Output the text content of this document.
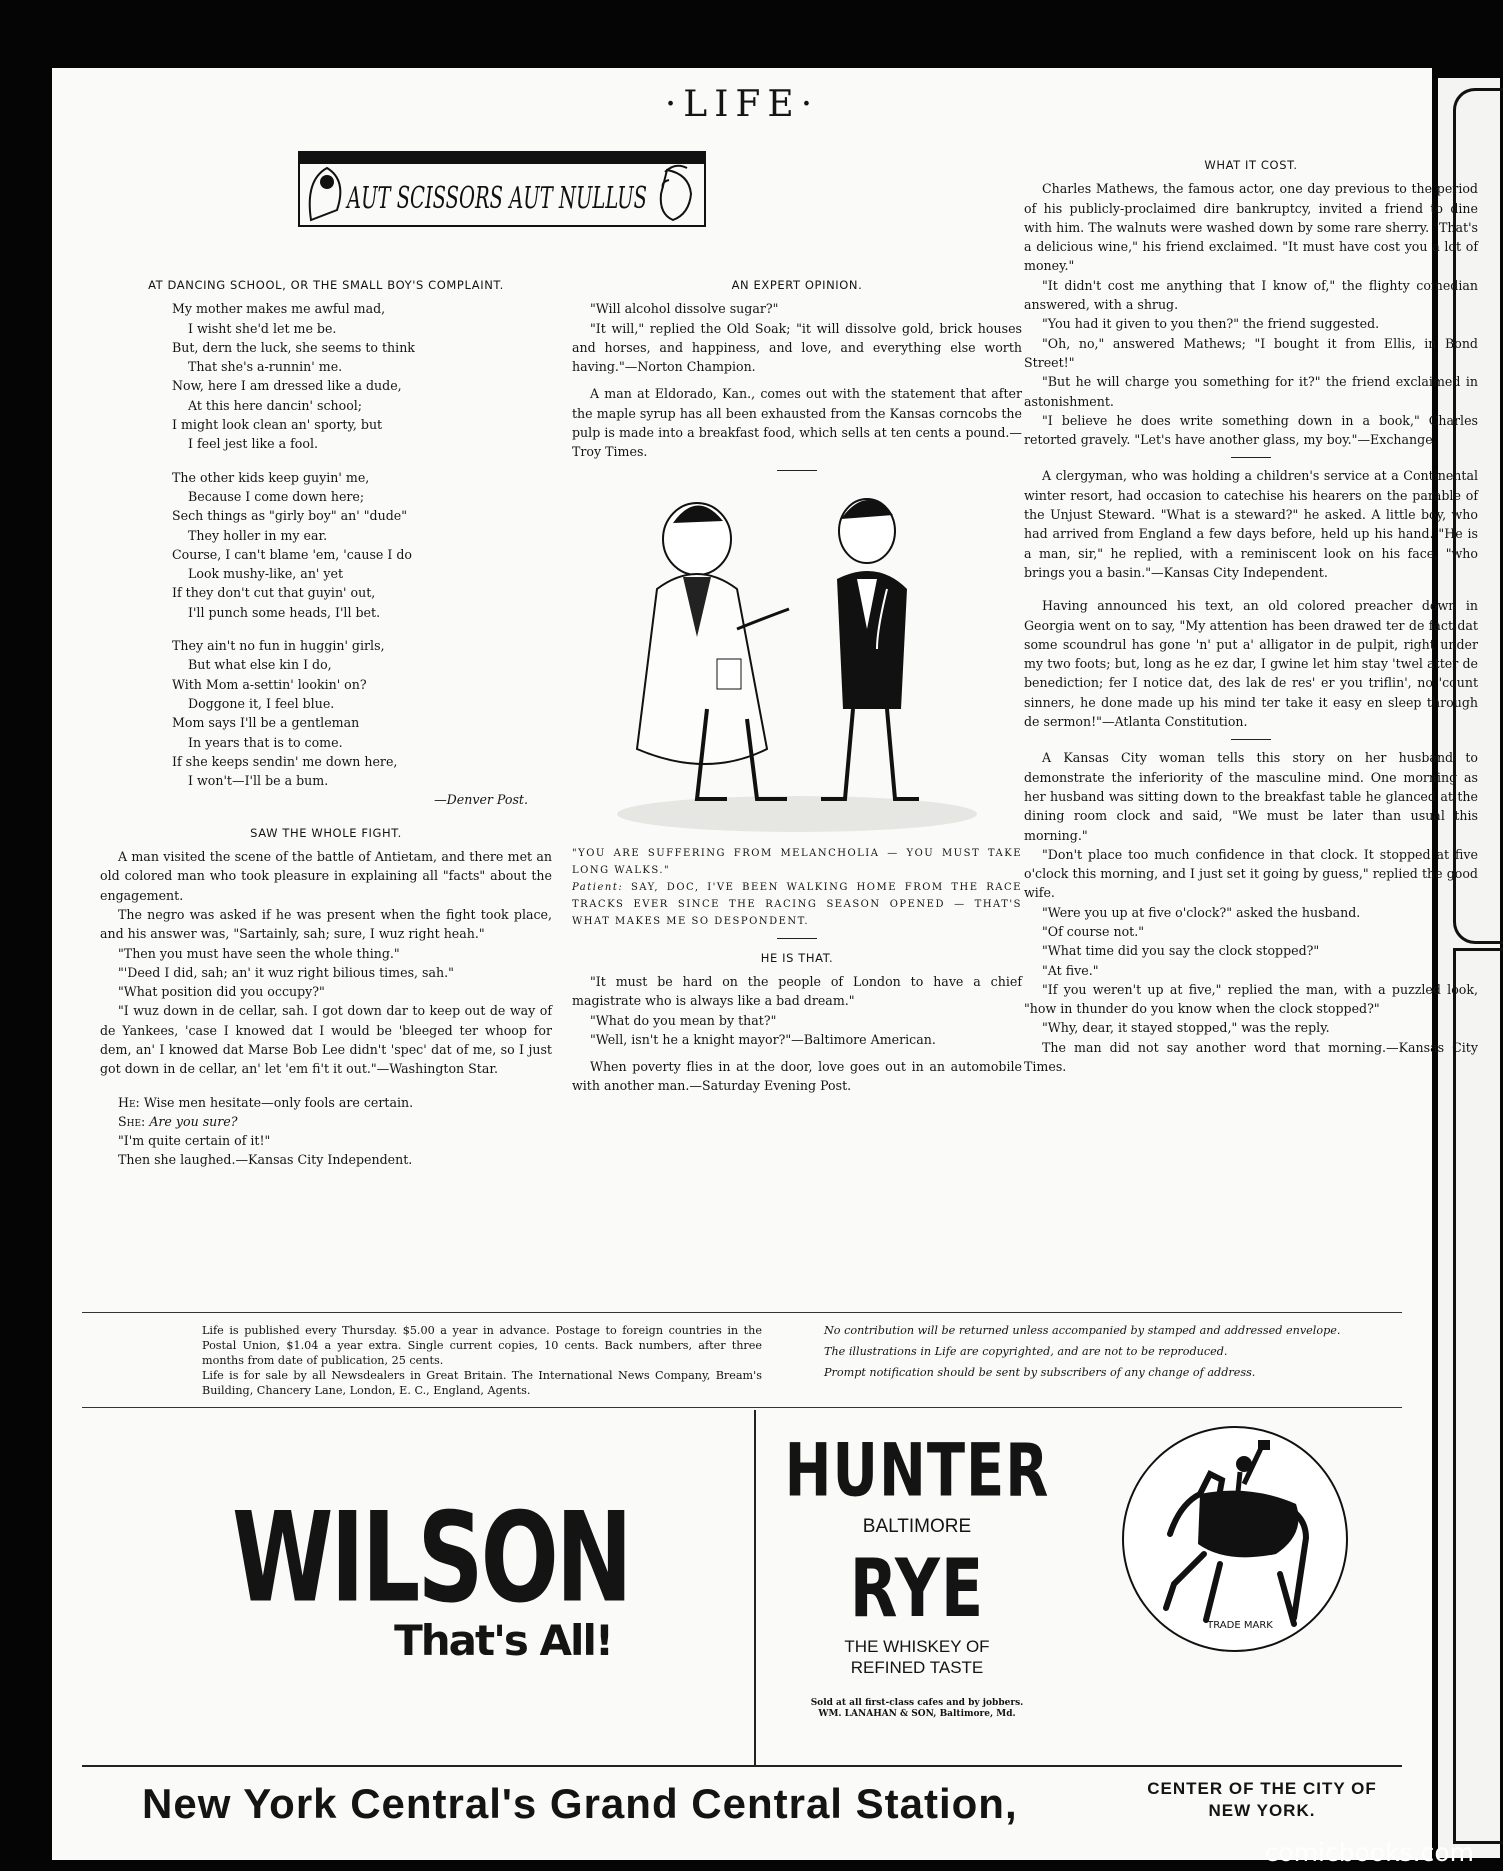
·LIFE·
AUT SCISSORS AUT NULLUS
AT DANCING SCHOOL, OR THE SMALL BOY'S COMPLAINT.

My mother makes me awful mad,

I wisht she'd let me be.

But, dern the luck, she seems to think

That she's a-runnin' me.

Now, here I am dressed like a dude,

At this here dancin' school;

I might look clean an' sporty, but

I feel jest like a fool.

The other kids keep guyin' me,

Because I come down here;

Sech things as "girly boy" an' "dude"

They holler in my ear.

Course, I can't blame 'em, 'cause I do

Look mushy-like, an' yet

If they don't cut that guyin' out,

I'll punch some heads, I'll bet.

They ain't no fun in huggin' girls,

But what else kin I do,

With Mom a-settin' lookin' on?

Doggone it, I feel blue.

Mom says I'll be a gentleman

In years that is to come.

If she keeps sendin' me down here,

I won't—I'll be a bum.

—Denver Post.

SAW THE WHOLE FIGHT.

A man visited the scene of the battle of Antietam, and there met an old colored man who took pleasure in explaining all "facts" about the engagement.

The negro was asked if he was present when the fight took place, and his answer was, "Sartainly, sah; sure, I wuz right heah."

"Then you must have seen the whole thing."

"'Deed I did, sah; an' it wuz right bilious times, sah."

"What position did you occupy?"

"I wuz down in de cellar, sah. I got down dar to keep out de way of de Yankees, 'case I knowed dat I would be 'bleeged ter whoop for dem, an' I knowed dat Marse Bob Lee didn't 'spec' dat of me, so I just got down in de cellar, an' let 'em fi't it out."—Washington Star.

He: Wise men hesitate—only fools are certain.

She: Are you sure?

"I'm quite certain of it!"

Then she laughed.—Kansas City Independent.

AN EXPERT OPINION.

"Will alcohol dissolve sugar?"

"It will," replied the Old Soak; "it will dissolve gold, brick houses and horses, and happiness, and love, and everything else worth having."—Norton Champion.

A man at Eldorado, Kan., comes out with the statement that after the maple syrup has all been exhausted from the Kansas corncobs the pulp is made into a breakfast food, which sells at ten cents a pound.—Troy Times.

"YOU ARE SUFFERING FROM MELANCHOLIA — YOU MUST TAKE LONG WALKS."
Patient: SAY, DOC, I'VE BEEN WALKING HOME FROM THE RACE TRACKS EVER SINCE THE RACING SEASON OPENED — THAT'S WHAT MAKES ME SO DESPONDENT.
HE IS THAT.

"It must be hard on the people of London to have a chief magistrate who is always like a bad dream."

"What do you mean by that?"

"Well, isn't he a knight mayor?"—Baltimore American.

When poverty flies in at the door, love goes out in an automobile with another man.—Saturday Evening Post.

WHAT IT COST.

Charles Mathews, the famous actor, one day previous to the period of his publicly-proclaimed dire bankruptcy, invited a friend to dine with him. The walnuts were washed down by some rare sherry. "That's a delicious wine," his friend exclaimed. "It must have cost you a lot of money."

"It didn't cost me anything that I know of," the flighty comedian answered, with a shrug.

"You had it given to you then?" the friend suggested.

"Oh, no," answered Mathews; "I bought it from Ellis, in Bond Street!"

"But he will charge you something for it?" the friend exclaimed in astonishment.

"I believe he does write something down in a book," Charles retorted gravely. "Let's have another glass, my boy."—Exchange.

A clergyman, who was holding a children's service at a Continental winter resort, had occasion to catechise his hearers on the parable of the Unjust Steward. "What is a steward?" he asked. A little boy, who had arrived from England a few days before, held up his hand. "He is a man, sir," he replied, with a reminiscent look on his face, "who brings you a basin."—Kansas City Independent.

Having announced his text, an old colored preacher down in Georgia went on to say, "My attention has been drawed ter de fact dat some scoundrul has gone 'n' put a' alligator in de pulpit, right under my two foots; but, long as he ez dar, I gwine let him stay 'twel atter de benediction; fer I notice dat, des lak de res' er you triflin', no 'count sinners, he done made up his mind ter take it easy en sleep through de sermon!"—Atlanta Constitution.

A Kansas City woman tells this story on her husband to demonstrate the inferiority of the masculine mind. One morning as her husband was sitting down to the breakfast table he glanced at the dining room clock and said, "We must be later than usual this morning."

"Don't place too much confidence in that clock. It stopped at five o'clock this morning, and I just set it going by guess," replied the good wife.

"Were you up at five o'clock?" asked the husband.

"Of course not."

"What time did you say the clock stopped?"

"At five."

"If you weren't up at five," replied the man, with a puzzled look, "how in thunder do you know when the clock stopped?"

"Why, dear, it stayed stopped," was the reply.

The man did not say another word that morning.—Kansas City Times.

Life is published every Thursday. $5.00 a year in advance. Postage to foreign countries in the Postal Union, $1.04 a year extra. Single current copies, 10 cents. Back numbers, after three months from date of publication, 25 cents.
Life is for sale by all Newsdealers in Great Britain. The International News Company, Bream's Building, Chancery Lane, London, E. C., England, Agents.
No contribution will be returned unless accompanied by stamped and addressed envelope.
The illustrations in Life are copyrighted, and are not to be reproduced.
Prompt notification should be sent by subscribers of any change of address.
WILSON
That's All!
HUNTER
BALTIMORE
RYE
THE WHISKEY OF
REFINED TASTE
Sold at all first-class cafes and by jobbers.
WM. LANAHAN & SON, Baltimore, Md.
TRADE MARK
New York Central's Grand Central Station,	CENTER OF THE CITY OF
NEW YORK.
comicbooks.com
